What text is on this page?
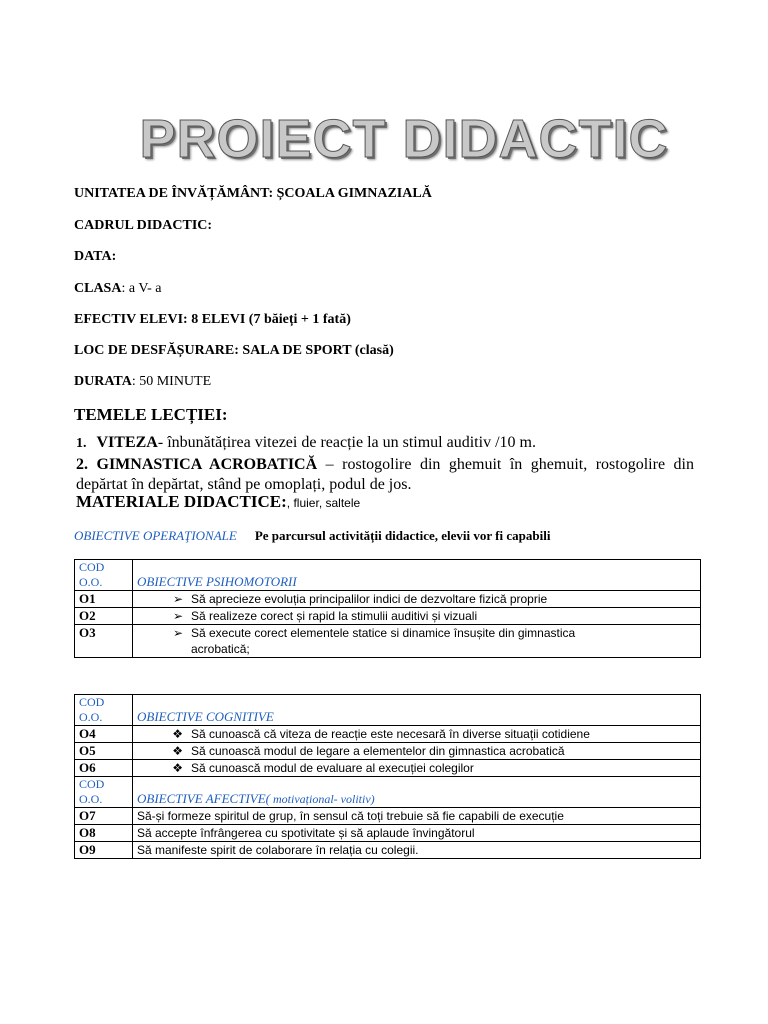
PROIECT DIDACTIC
UNITATEA DE ÎNVĂȚĂMÂNT: ȘCOALA GIMNAZIALĂ
CADRUL DIDACTIC:
DATA:
CLASA: a V- a
EFECTIV ELEVI: 8 ELEVI (7 băieți + 1 fată)
LOC DE DESFĂȘURARE: SALA DE SPORT (clasă)
DURATA: 50 MINUTE
TEMELE LECȚIEI:
1. VITEZA- înbunătățirea vitezei de reacție la un stimul auditiv /10 m.
2. GIMNASTICA ACROBATICĂ – rostogolire din ghemuit în ghemuit, rostogolire din depărtat în depărtat, stând pe omoplați, podul de jos.
MATERIALE DIDACTICE:, fluier, saltele
OBIECTIVE OPERAŢIONALE Pe parcursul activității didactice, elevii vor fi capabili
COD
O.O.	OBIECTIVE PSIHOMOTORII
O1	➢ Să aprecieze evoluția principalilor indici de dezvoltare fizică proprie
O2	➢ Să realizeze corect și rapid la stimulii auditivi și vizuali
O3	➢ Să execute corect elementele statice si dinamice însușite din gimnastica
acrobatică;
COD
O.O.	OBIECTIVE COGNITIVE
O4	❖ Să cunoască că viteza de reacție este necesară în diverse situații cotidiene
O5	❖ Să cunoască modul de legare a elementelor din gimnastica acrobatică
O6	❖ Să cunoască modul de evaluare al execuției colegilor
COD
O.O.	OBIECTIVE AFECTIVE( motivațional- volitiv)
O7	Să-și formeze spiritul de grup, în sensul că toți trebuie să fie capabili de execuție
O8	Să accepte înfrângerea cu spotivitate și să aplaude învingătorul
O9	Să manifeste spirit de colaborare în relația cu colegii.
